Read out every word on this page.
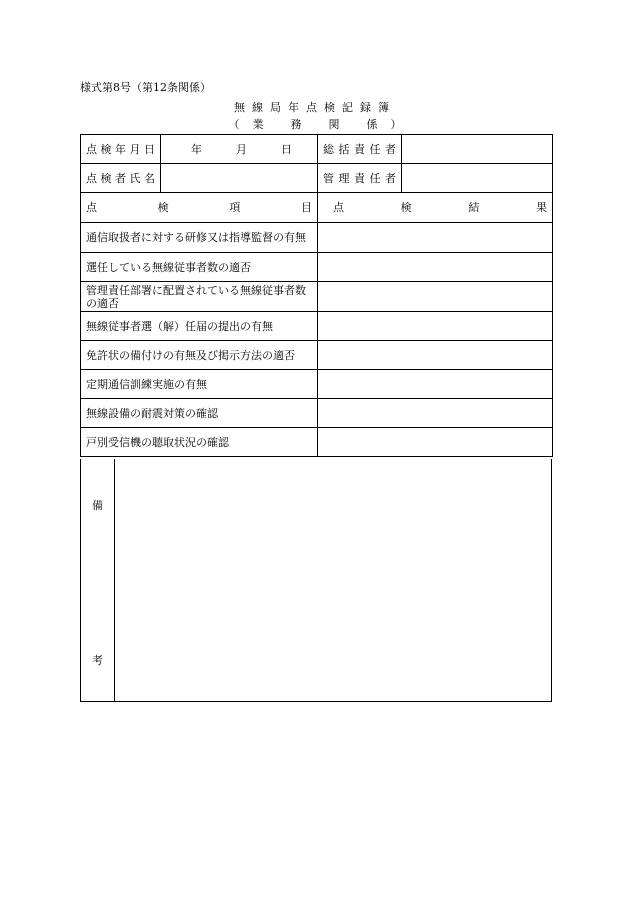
様式第8号（第12条関係）
無線局年点検記録簿
（ 業 務 関 係 ）
点 検 年 月 日	年 月 日	総 括 責 任 者	

点 検 者 氏 名		管 理 責 任 者	

点 検 項 目		点 検 結 果	

通信取扱者に対する研修又は指導監督の有無			
選任している無線従事者数の適否			
管理責任部署に配置されている無線従事者数の適否			
無線従事者選（解）任届の提出の有無			
免許状の備付けの有無及び掲示方法の適否			
定期通信訓練実施の有無			
無線設備の耐震対策の確認			
戸別受信機の聴取状況の確認			
備
考
